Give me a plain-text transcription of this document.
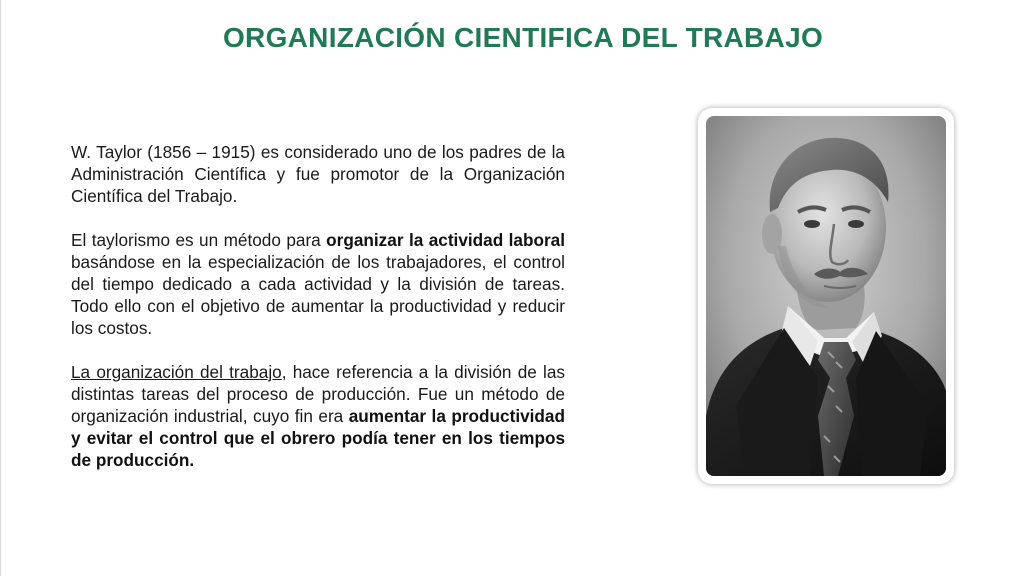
ORGANIZACIÓN CIENTIFICA DEL TRABAJO

W. Taylor (1856 – 1915) es considerado uno de los padres de la Administración Científica y fue promotor de la Organización Científica del Trabajo.

El taylorismo es un método para organizar la actividad laboral basándose en la especialización de los trabajadores, el control del tiempo dedicado a cada actividad y la división de tareas. Todo ello con el objetivo de aumentar la productividad y reducir los costos.

La organización del trabajo, hace referencia a la división de las distintas tareas del proceso de producción. Fue un método de organización industrial, cuyo fin era aumentar la productividad y evitar el control que el obrero podía tener en los tiempos de producción.
